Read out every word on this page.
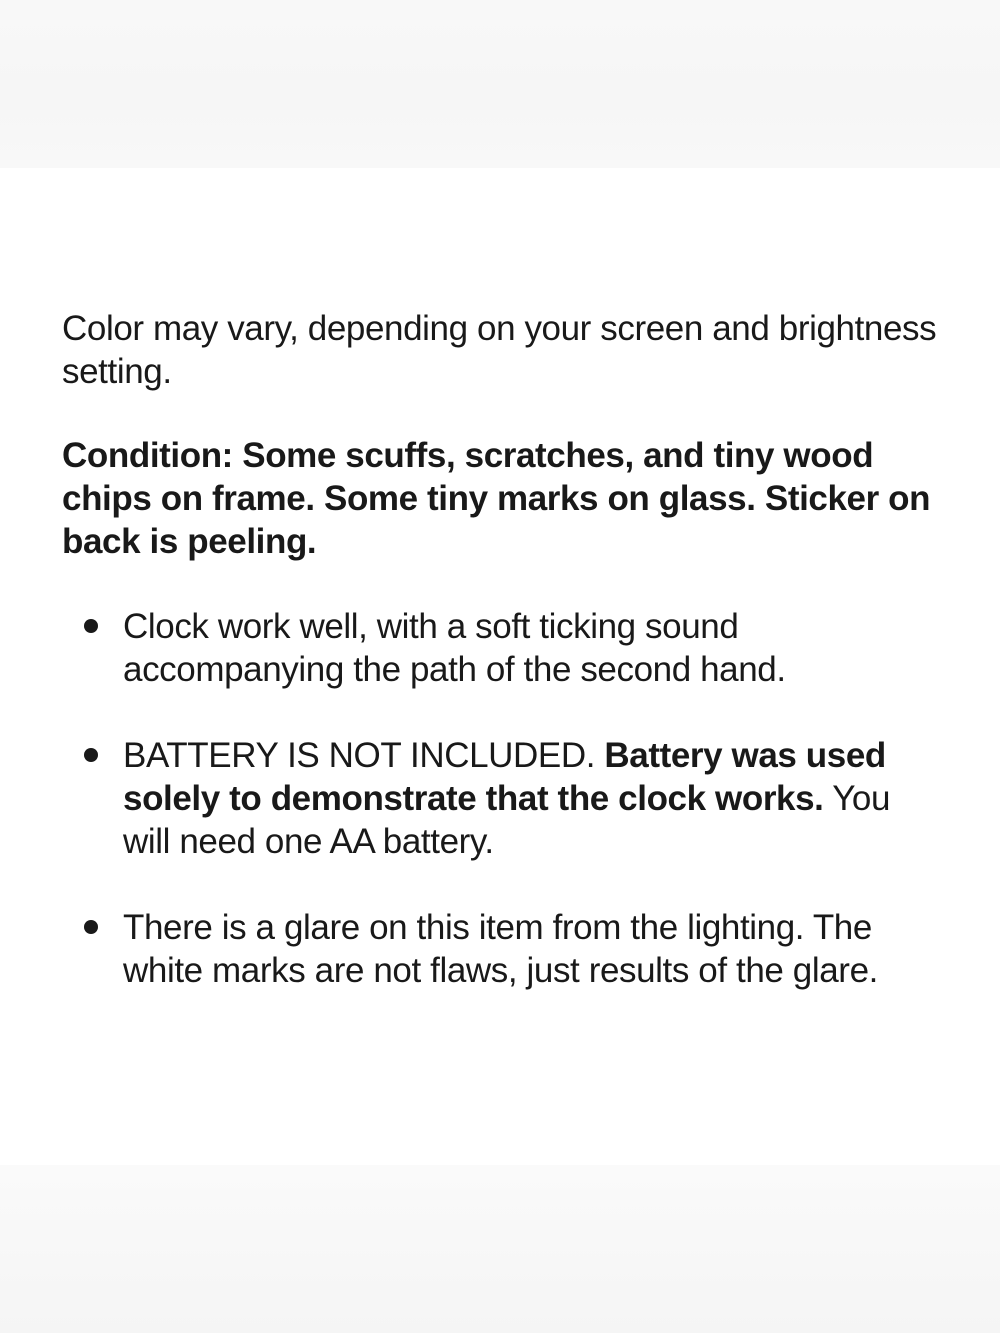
Color may vary, depending on your screen and brightness setting.

Condition: Some scuffs, scratches, and tiny wood chips on frame. Some tiny marks on glass. Sticker on back is peeling.

Clock work well, with a soft ticking sound accompanying the path of the second hand.
BATTERY IS NOT INCLUDED. Battery was used solely to demonstrate that the clock works. You will need one AA battery.
There is a glare on this item from the lighting. The white marks are not flaws, just results of the glare.
